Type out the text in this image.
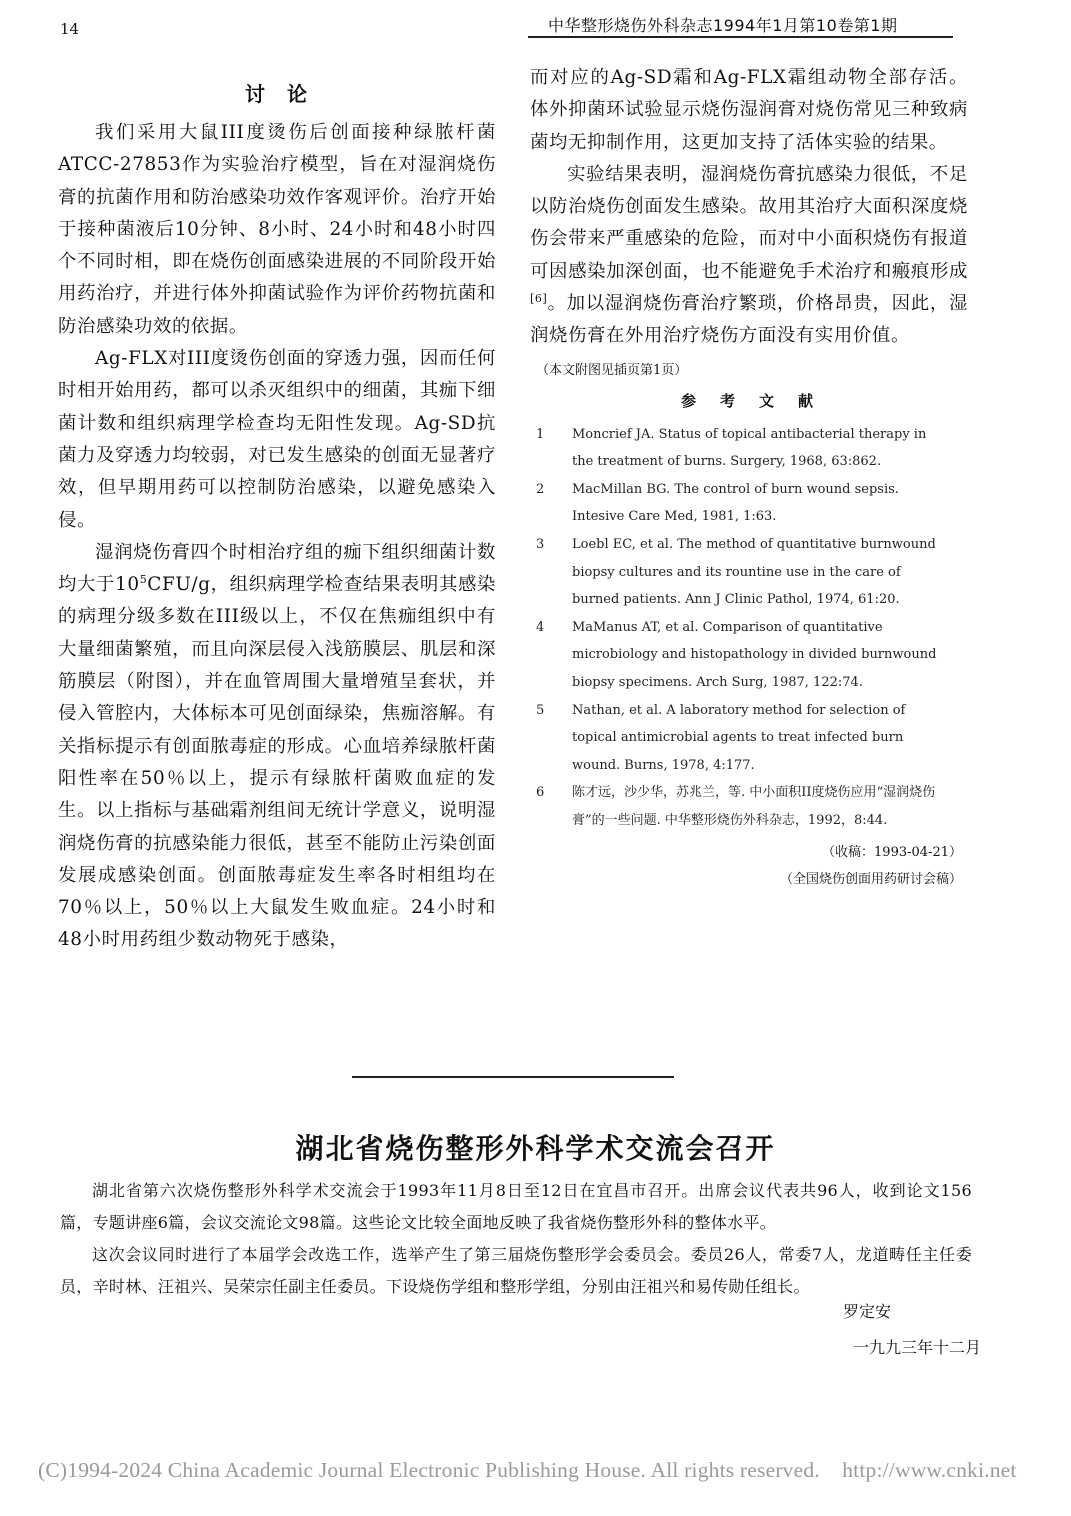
14	中华整形烧伤外科杂志1994年1月第10卷第1期
讨论

我们采用大鼠III度烫伤后创面接种绿脓杆菌ATCC-27853作为实验治疗模型，旨在对湿润烧伤膏的抗菌作用和防治感染功效作客观评价。治疗开始于接种菌液后10分钟、8小时、24小时和48小时四个不同时相，即在烧伤创面感染进展的不同阶段开始用药治疗，并进行体外抑菌试验作为评价药物抗菌和防治感染功效的依据。

Ag-FLX对III度烫伤创面的穿透力强，因而任何时相开始用药，都可以杀灭组织中的细菌，其痂下细菌计数和组织病理学检查均无阳性发现。Ag-SD抗菌力及穿透力均较弱，对已发生感染的创面无显著疗效，但早期用药可以控制防治感染，以避免感染入侵。

湿润烧伤膏四个时相治疗组的痂下组织细菌计数均大于$10^5CFU/g$，组织病理学检查结果表明其感染的病理分级多数在III级以上，不仅在焦痂组织中有大量细菌繁殖，而且向深层侵入浅筋膜层、肌层和深筋膜层（附图），并在血管周围大量增殖呈套状，并侵入管腔内，大体标本可见创面绿染，焦痂溶解。有关指标提示有创面脓毒症的形成。心血培养绿脓杆菌阳性率在50％以上，提示有绿脓杆菌败血症的发生。以上指标与基础霜剂组间无统计学意义，说明湿润烧伤膏的抗感染能力很低，甚至不能防止污染创面发展成感染创面。创面脓毒症发生率各时相组均在70％以上，50％以上大鼠发生败血症。24小时和48小时用药组少数动物死于感染，

而对应的Ag-SD霜和Ag-FLX霜组动物全部存活。体外抑菌环试验显示烧伤湿润膏对烧伤常见三种致病菌均无抑制作用，这更加支持了活体实验的结果。

实验结果表明，湿润烧伤膏抗感染力很低，不足以防治烧伤创面发生感染。故用其治疗大面积深度烧伤会带来严重感染的危险，而对中小面积烧伤有报道可因感染加深创面，也不能避免手术治疗和瘢痕形成[6]。加以湿润烧伤膏治疗繁琐，价格昂贵，因此，湿润烧伤膏在外用治疗烧伤方面没有实用价值。

（本文附图见插页第1页）
参考文献
1	Moncrief JA. Status of topical antibacterial therapy in the treatment of burns. Surgery, 1968, 63:862.
2	MacMillan BG. The control of burn wound sepsis. Intesive Care Med, 1981, 1:63.
3	Loebl EC, et al. The method of quantitative burnwound biopsy cultures and its rountine use in the care of burned patients. Ann J Clinic Pathol, 1974, 61:20.
4	MaManus AT, et al. Comparison of quantitative microbiology and histopathology in divided burnwound biopsy specimens. Arch Surg, 1987, 122:74.
5	Nathan, et al. A laboratory method for selection of topical antimicrobial agents to treat infected burn wound. Burns, 1978, 4:177.
6	陈才远，沙少华，苏兆兰，等. 中小面积II度烧伤应用“湿润烧伤膏”的一些问题. 中华整形烧伤外科杂志，1992，8:44.
（收稿：1993-04-21）
（全国烧伤创面用药研讨会稿）
湖北省烧伤整形外科学术交流会召开

湖北省第六次烧伤整形外科学术交流会于1993年11月8日至12日在宜昌市召开。出席会议代表共96人，收到论文156篇，专题讲座6篇，会议交流论文98篇。这些论文比较全面地反映了我省烧伤整形外科的整体水平。

这次会议同时进行了本届学会改选工作，选举产生了第三届烧伤整形学会委员会。委员26人，常委7人，龙道畴任主任委员，辛时林、汪祖兴、吴荣宗任副主任委员。下设烧伤学组和整形学组，分别由汪祖兴和易传勋任组长。

罗定安
一九九三年十二月
(C)1994-2024 China Academic Journal Electronic Publishing House. All rights reserved.    http://www.cnki.net
